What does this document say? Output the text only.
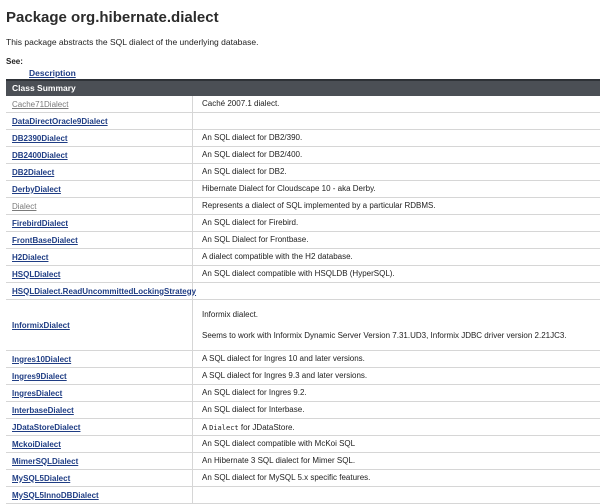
Package org.hibernate.dialect
This package abstracts the SQL dialect of the underlying database.
See:
Description
Class Summary
Cache71Dialect	Caché 2007.1 dialect.

DataDirectOracle9Dialect	

DB2390Dialect	An SQL dialect for DB2/390.

DB2400Dialect	An SQL dialect for DB2/400.

DB2Dialect	An SQL dialect for DB2.

DerbyDialect	Hibernate Dialect for Cloudscape 10 - aka Derby.

Dialect	Represents a dialect of SQL implemented by a particular RDBMS.

FirebirdDialect	An SQL dialect for Firebird.

FrontBaseDialect	An SQL Dialect for Frontbase.

H2Dialect	A dialect compatible with the H2 database.

HSQLDialect	An SQL dialect compatible with HSQLDB (HyperSQL).

HSQLDialect.ReadUncommittedLockingStrategy	

InformixDialect	Informix dialect.
Seems to work with Informix Dynamic Server Version 7.31.UD3, Informix JDBC driver version 2.21JC3.

Ingres10Dialect	A SQL dialect for Ingres 10 and later versions.

Ingres9Dialect	A SQL dialect for Ingres 9.3 and later versions.

IngresDialect	An SQL dialect for Ingres 9.2.

InterbaseDialect	An SQL dialect for Interbase.

JDataStoreDialect	A Dialect for JDataStore.
MckoiDialect	An SQL dialect compatible with McKoi SQL

MimerSQLDialect	An Hibernate 3 SQL dialect for Mimer SQL.

MySQL5Dialect	An SQL dialect for MySQL 5.x specific features.

MySQL5InnoDBDialect	
